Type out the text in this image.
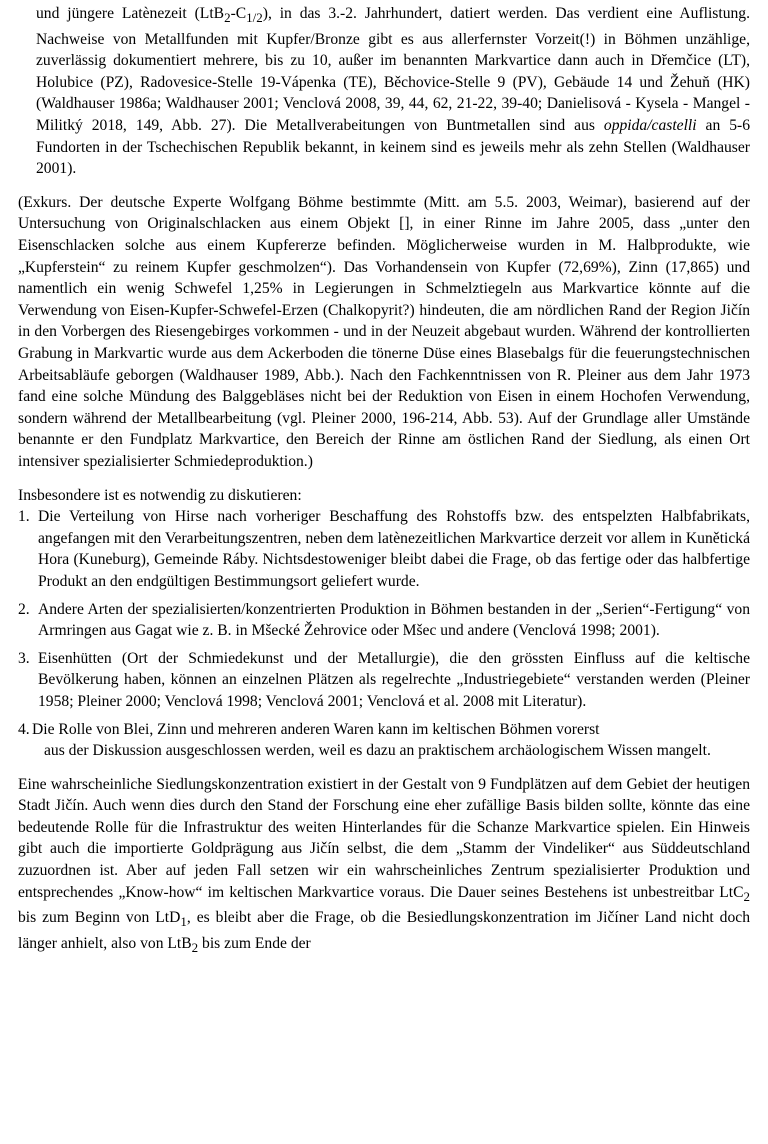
und jüngere Latènezeit $(LtB_2-C_{1/2})$, in das 3.-2. Jahrhundert, datiert werden. Das verdient eine Auflistung. Nachweise von Metallfunden mit Kupfer/Bronze gibt es aus allerfernster Vorzeit(!) in Böhmen unzählige, zuverlässig dokumentiert mehrere, bis zu 10, außer im benannten Markvartice dann auch in Dřemčice (LT), Holubice (PZ), Radovesice-Stelle 19-Vápenka (TE), Běchovice-Stelle 9 (PV), Gebäude 14 und Žehuň (HK) (Waldhauser 1986a; Waldhauser 2001; Venclová 2008, 39, 44, 62, 21-22, 39-40; Danielisová - Kysela - Mangel - Militký 2018, 149, Abb. 27). Die Metallverabeitungen von Buntmetallen sind aus oppida/castelli an 5-6 Fundorten in der Tschechischen Republik bekannt, in keinem sind es jeweils mehr als zehn Stellen (Waldhauser 2001).

(Exkurs. Der deutsche Experte Wolfgang Böhme bestimmte (Mitt. am 5.5. 2003, Weimar), basierend auf der Untersuchung von Originalschlacken aus einem Objekt [], in einer Rinne im Jahre 2005, dass „unter den Eisenschlacken solche aus einem Kupfererze befinden. Möglicherweise wurden in M. Halbprodukte, wie „Kupferstein“ zu reinem Kupfer geschmolzen“). Das Vorhandensein von Kupfer (72,69%), Zinn (17,865) und namentlich ein wenig Schwefel 1,25% in Legierungen in Schmelztiegeln aus Markvartice könnte auf die Verwendung von Eisen-Kupfer-Schwefel-Erzen (Chalkopyrit?) hindeuten, die am nördlichen Rand der Region Jičín in den Vorbergen des Riesengebirges vorkommen - und in der Neuzeit abgebaut wurden. Während der kontrollierten Grabung in Markvartic wurde aus dem Ackerboden die tönerne Düse eines Blasebalgs für die feuerungstechnischen Arbeitsabläufe geborgen (Waldhauser 1989, Abb.). Nach den Fachkenntnissen von R. Pleiner aus dem Jahr 1973 fand eine solche Mündung des Balggebläses nicht bei der Reduktion von Eisen in einem Hochofen Verwendung, sondern während der Metallbearbeitung (vgl. Pleiner 2000, 196-214, Abb. 53). Auf der Grundlage aller Umstände benannte er den Fundplatz Markvartice, den Bereich der Rinne am östlichen Rand der Siedlung, als einen Ort intensiver spezialisierter Schmiedeproduktion.)

Insbesondere ist es notwendig zu diskutieren:

1. Die Verteilung von Hirse nach vorheriger Beschaffung des Rohstoffs bzw. des entspelzten Halbfabrikats, angefangen mit den Verarbeitungszentren, neben dem latènezeitlichen Markvartice derzeit vor allem in Kunětická Hora (Kuneburg), Gemeinde Ráby. Nichtsdestoweniger bleibt dabei die Frage, ob das fertige oder das halbfertige Produkt an den endgültigen Bestimmungsort geliefert wurde.
2. Andere Arten der spezialisierten/konzentrierten Produktion in Böhmen bestanden in der „Serien“-Fertigung“ von Armringen aus Gagat wie z. B. in Mšecké Žehrovice oder Mšec und andere (Venclová 1998; 2001).
3. Eisenhütten (Ort der Schmiedekunst und der Metallurgie), die den grössten Einfluss auf die keltische Bevölkerung haben, können an einzelnen Plätzen als regelrechte „Industriegebiete“ verstanden werden (Pleiner 1958; Pleiner 2000; Venclová 1998; Venclová 2001; Venclová et al. 2008 mit Literatur).
4. Die Rolle von Blei, Zinn und mehreren anderen Waren kann im keltischen Böhmen vorerst
aus der Diskussion ausgeschlossen werden, weil es dazu an praktischem archäologischem Wissen mangelt.

Eine wahrscheinliche Siedlungskonzentration existiert in der Gestalt von 9 Fundplätzen auf dem Gebiet der heutigen Stadt Jičín. Auch wenn dies durch den Stand der Forschung eine eher zufällige Basis bilden sollte, könnte das eine bedeutende Rolle für die Infrastruktur des weiten Hinterlandes für die Schanze Markvartice spielen. Ein Hinweis gibt auch die importierte Goldprägung aus Jičín selbst, die dem „Stamm der Vindeliker“ aus Süddeutschland zuzuordnen ist. Aber auf jeden Fall setzen wir ein wahrscheinliches Zentrum spezialisierter Produktion und entsprechendes „Know-how“ im keltischen Markvartice voraus. Die Dauer seines Bestehens ist unbestreitbar LtC$_2$ bis zum Beginn von LtD$_1$, es bleibt aber die Frage, ob die Besiedlungskonzentration im Jičíner Land nicht doch länger anhielt, also von LtB$_2$ bis zum Ende der
